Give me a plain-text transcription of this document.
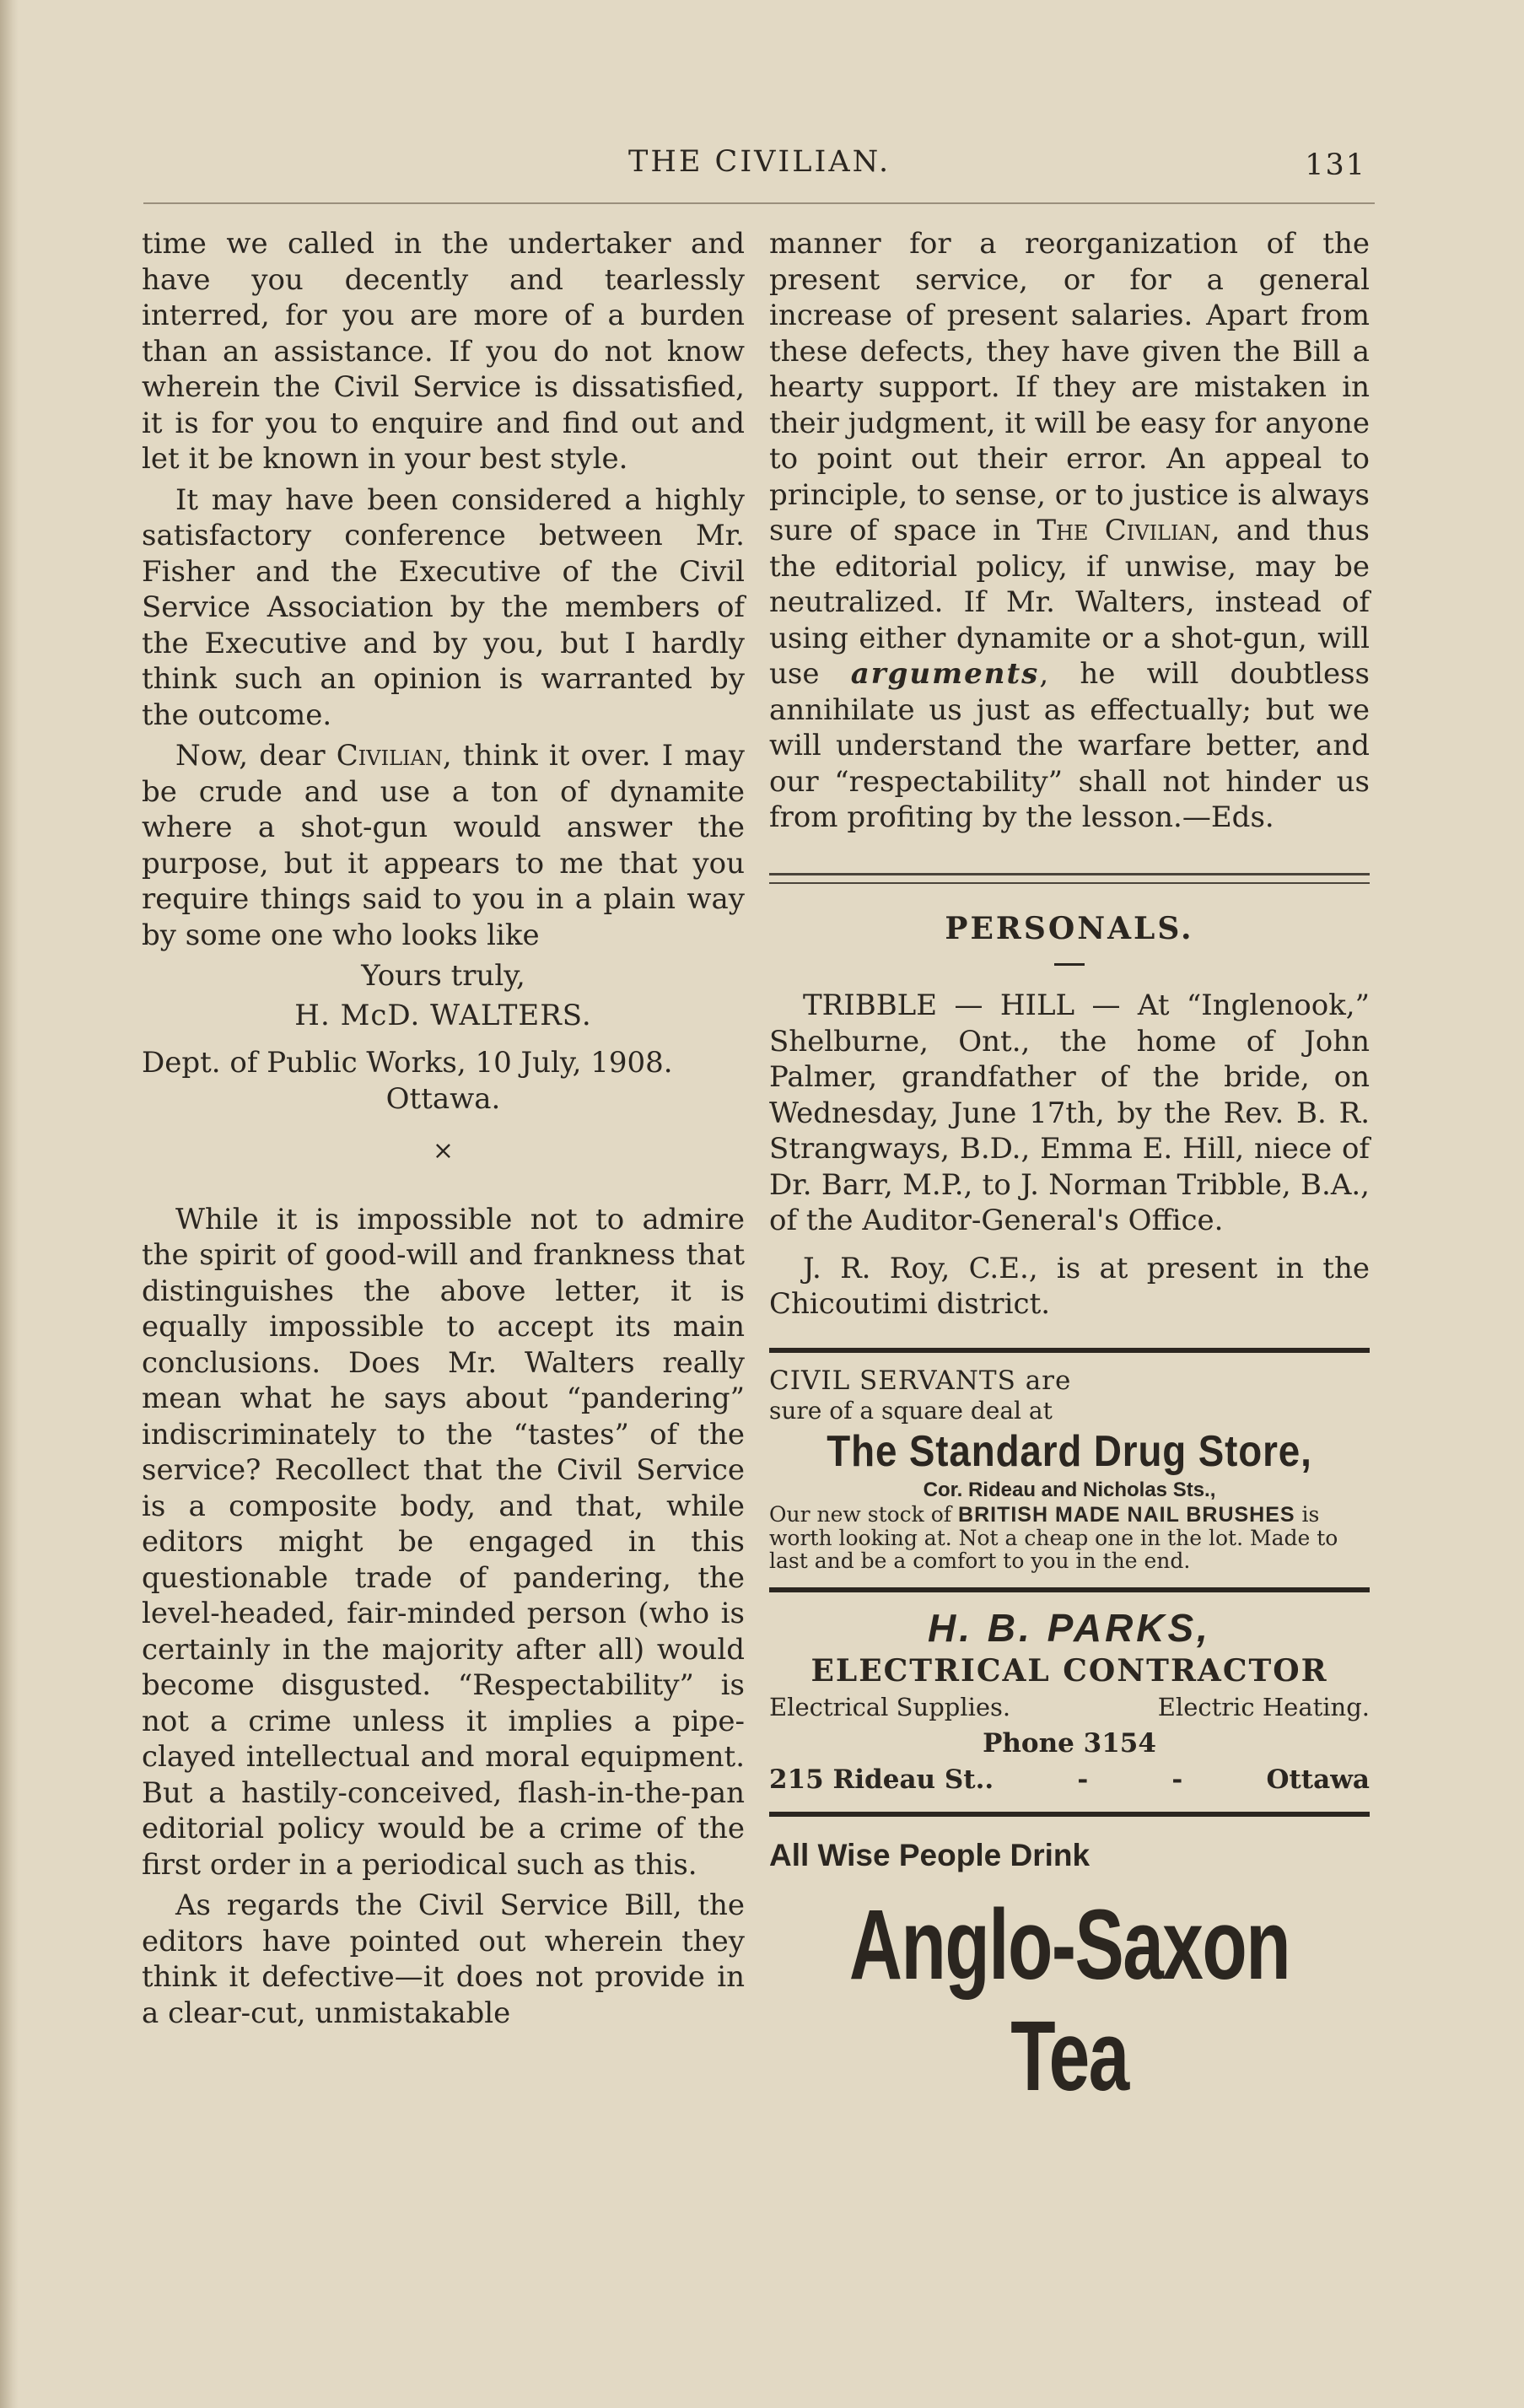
THE CIVILIAN.	131

time we called in the undertaker and have you decently and tearlessly interred, for you are more of a burden than an assistance. If you do not know wherein the Civil Service is dissatisfied, it is for you to enquire and find out and let it be known in your best style.

It may have been considered a highly satisfactory conference between Mr. Fisher and the Executive of the Civil Service Association by the members of the Executive and by you, but I hardly think such an opinion is warranted by the outcome.

Now, dear Civilian, think it over. I may be crude and use a ton of dynamite where a shot-gun would answer the purpose, but it appears to me that you require things said to you in a plain way by some one who looks like

Yours truly,

H. McD. WALTERS.

Dept. of Public Works, 10 July, 1908.

Ottawa.

×

While it is impossible not to admire the spirit of good-will and frankness that distinguishes the above letter, it is equally impossible to accept its main conclusions. Does Mr. Walters really mean what he says about “pandering” indiscriminately to the “tastes” of the service? Recollect that the Civil Service is a composite body, and that, while editors might be engaged in this questionable trade of pandering, the level-headed, fair-minded person (who is certainly in the majority after all) would become disgusted. “Respectability” is not a crime unless it implies a pipe-clayed intellectual and moral equipment. But a hastily-conceived, flash-in-the-pan editorial policy would be a crime of the first order in a periodical such as this.

As regards the Civil Service Bill, the editors have pointed out wherein they think it defective—it does not provide in a clear-cut, unmistakable

manner for a reorganization of the present service, or for a general increase of present salaries. Apart from these defects, they have given the Bill a hearty support. If they are mistaken in their judgment, it will be easy for anyone to point out their error. An appeal to principle, to sense, or to justice is always sure of space in The Civilian, and thus the editorial policy, if unwise, may be neutralized. If Mr. Walters, instead of using either dynamite or a shot-gun, will use arguments, he will doubtless annihilate us just as effectually; but we will understand the warfare better, and our “respectability” shall not hinder us from profiting by the lesson.—Eds.

PERSONALS.

TRIBBLE — HILL — At “Inglenook,” Shelburne, Ont., the home of John Palmer, grandfather of the bride, on Wednesday, June 17th, by the Rev. B. R. Strangways, B.D., Emma E. Hill, niece of Dr. Barr, M.P., to J. Norman Tribble, B.A., of the Auditor-General's Office.

J. R. Roy, C.E., is at present in the Chicoutimi district.

CIVIL SERVANTS are

sure of a square deal at

The Standard Drug Store,

Cor. Rideau and Nicholas Sts.,

Our new stock of BRITISH MADE NAIL BRUSHES is worth looking at. Not a cheap one in the lot. Made to last and be a comfort to you in the end.

H. B. PARKS,

ELECTRICAL CONTRACTOR

Electrical Supplies.	Electric Heating.

Phone 3154

215 Rideau St..	-	-	Ottawa

All Wise People Drink

Anglo-Saxon Tea
